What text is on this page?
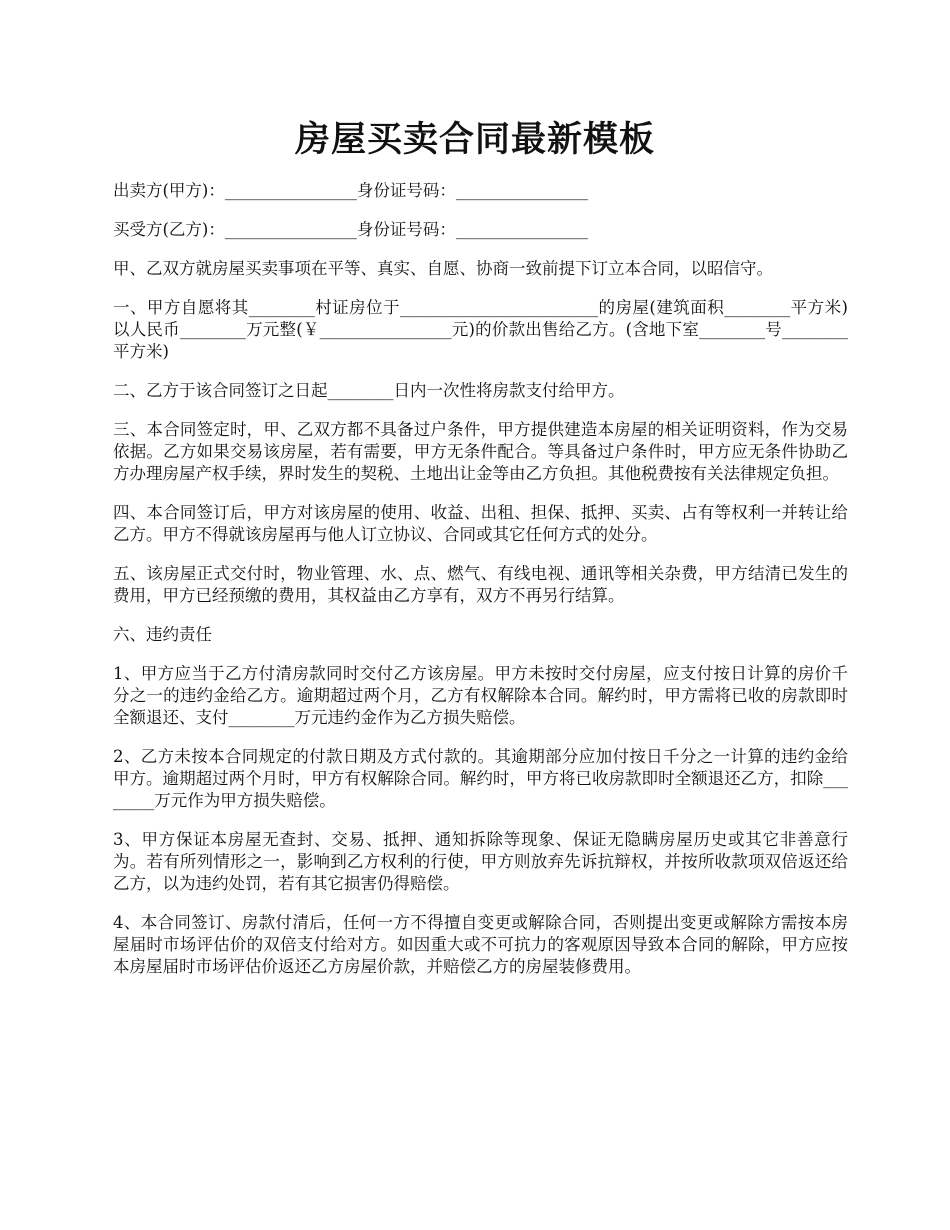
房屋买卖合同最新模板

出卖方(甲方)：________________身份证号码：________________

买受方(乙方)：________________身份证号码：________________

甲、乙双方就房屋买卖事项在平等、真实、自愿、协商一致前提下订立本合同，以昭信守。

一、甲方自愿将其________村证房位于________________________的房屋(建筑面积________平方米)以人民币________万元整(￥________________元)的价款出售给乙方。(含地下室________号________平方米)

二、乙方于该合同签订之日起________日内一次性将房款支付给甲方。

三、本合同签定时，甲、乙双方都不具备过户条件，甲方提供建造本房屋的相关证明资料，作为交易依据。乙方如果交易该房屋，若有需要，甲方无条件配合。等具备过户条件时，甲方应无条件协助乙方办理房屋产权手续，界时发生的契税、土地出让金等由乙方负担。其他税费按有关法律规定负担。

四、本合同签订后，甲方对该房屋的使用、收益、出租、担保、抵押、买卖、占有等权利一并转让给乙方。甲方不得就该房屋再与他人订立协议、合同或其它任何方式的处分。

五、该房屋正式交付时，物业管理、水、点、燃气、有线电视、通讯等相关杂费，甲方结清已发生的费用，甲方已经预缴的费用，其权益由乙方享有，双方不再另行结算。

六、违约责任

1、甲方应当于乙方付清房款同时交付乙方该房屋。甲方未按时交付房屋，应支付按日计算的房价千分之一的违约金给乙方。逾期超过两个月，乙方有权解除本合同。解约时，甲方需将已收的房款即时全额退还、支付________万元违约金作为乙方损失赔偿。

2、乙方未按本合同规定的付款日期及方式付款的。其逾期部分应加付按日千分之一计算的违约金给甲方。逾期超过两个月时，甲方有权解除合同。解约时，甲方将已收房款即时全额退还乙方，扣除________万元作为甲方损失赔偿。

3、甲方保证本房屋无查封、交易、抵押、通知拆除等现象、保证无隐瞒房屋历史或其它非善意行为。若有所列情形之一，影响到乙方权利的行使，甲方则放弃先诉抗辩权，并按所收款项双倍返还给乙方，以为违约处罚，若有其它损害仍得赔偿。

4、本合同签订、房款付清后，任何一方不得擅自变更或解除合同，否则提出变更或解除方需按本房屋届时市场评估价的双倍支付给对方。如因重大或不可抗力的客观原因导致本合同的解除，甲方应按本房屋届时市场评估价返还乙方房屋价款，并赔偿乙方的房屋装修费用。
